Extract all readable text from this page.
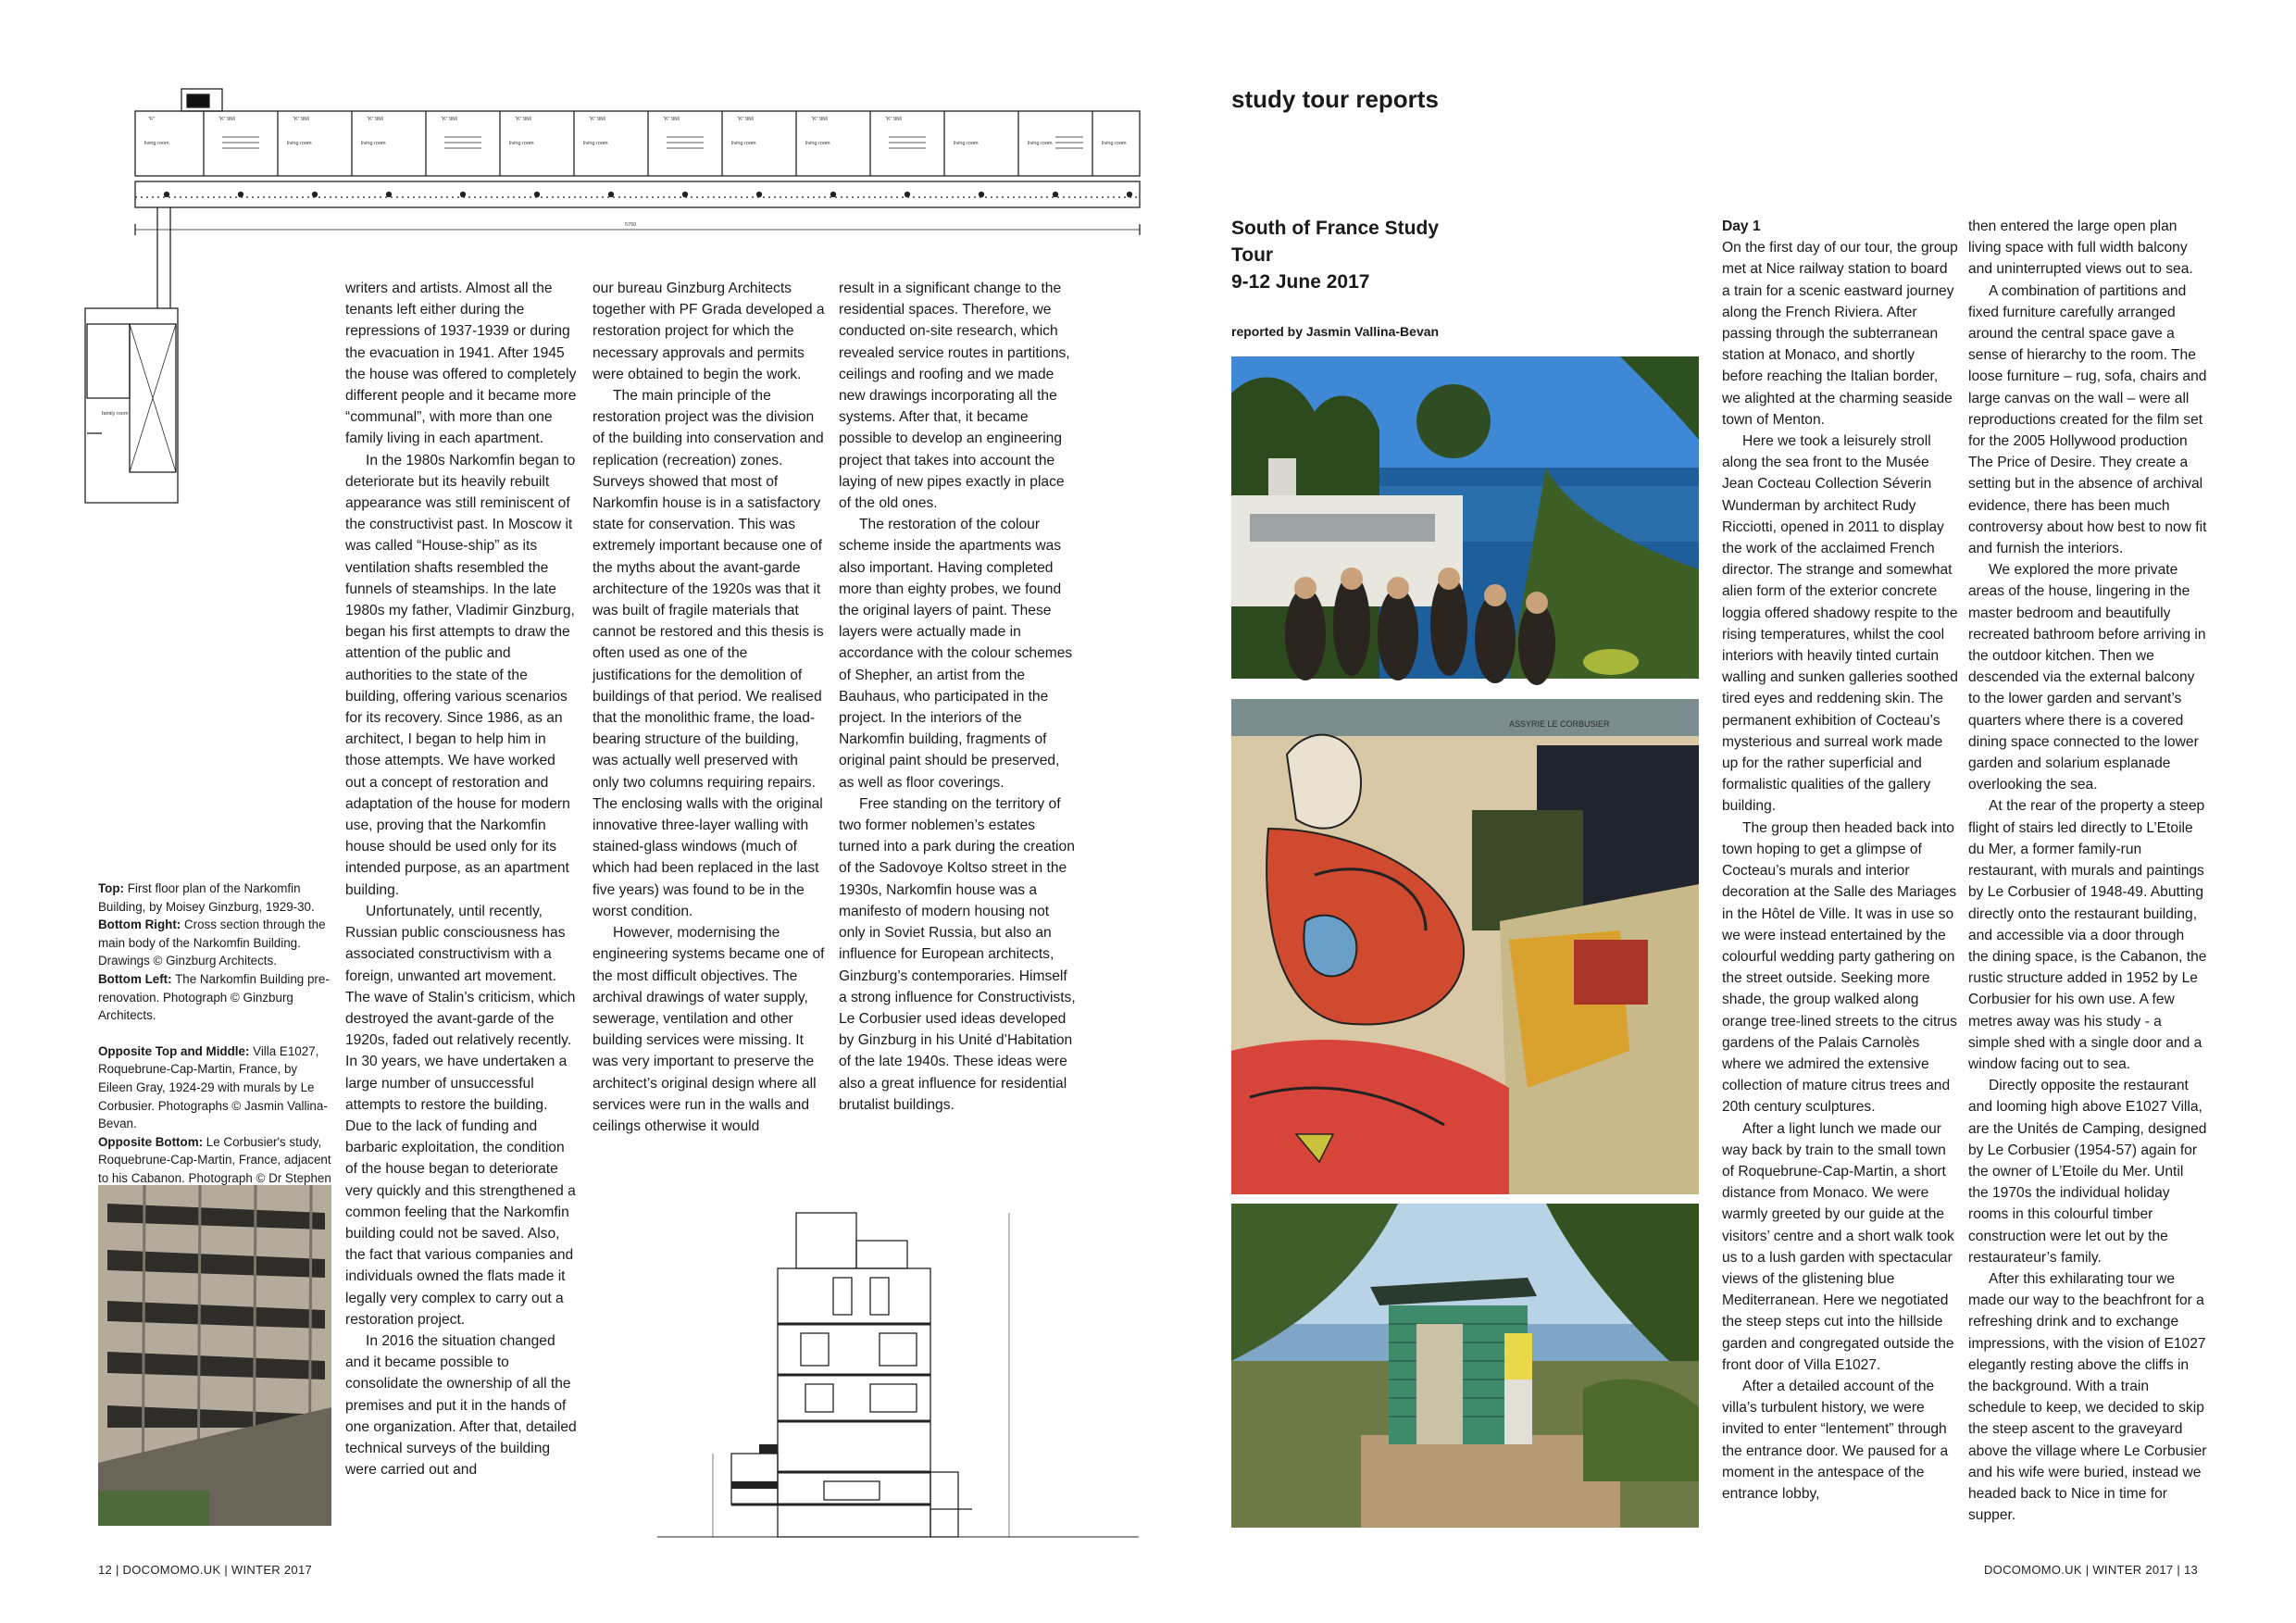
"F"	"K" 966	"K" 966	"K" 966	"K" 966	"K" 966	"K" 966	"K" 966	"K" 966	"K" 966	"K" 966
living room	living room	living room	living room	living room	living room	living room	living room	living room	living room
family room
5760

Top: First floor plan of the Narkomfin Building, by Moisey Ginzburg, 1929-30.
Bottom Right: Cross section through the main body of the Narkomfin Building. Drawings © Ginzburg Architects.
Bottom Left: The Narkomfin Building pre-renovation. Photograph © Ginzburg Architects.

Opposite Top and Middle: Villa E1027, Roquebrune-Cap-Martin, France, by Eileen Gray, 1924-29 with murals by Le Corbusier. Photographs © Jasmin Vallina-Bevan.
Opposite Bottom: Le Corbusier's study, Roquebrune-Cap-Martin, France, adjacent to his Cabanon. Photograph © Dr Stephen

writers and artists. Almost all the tenants left either during the repressions of 1937-1939 or during the evacuation in 1941. After 1945 the house was offered to completely different people and it became more “communal”, with more than one family living in each apartment.

In the 1980s Narkomfin began to deteriorate but its heavily rebuilt appearance was still reminiscent of the constructivist past. In Moscow it was called “House-ship” as its ventilation shafts resembled the funnels of steamships. In the late 1980s my father, Vladimir Ginzburg, began his first attempts to draw the attention of the public and authorities to the state of the building, offering various scenarios for its recovery. Since 1986, as an architect, I began to help him in those attempts. We have worked out a concept of restoration and adaptation of the house for modern use, proving that the Narkomfin house should be used only for its intended purpose, as an apartment building.

Unfortunately, until recently, Russian public consciousness has associated constructivism with a foreign, unwanted art movement. The wave of Stalin’s criticism, which destroyed the avant-garde of the 1920s, faded out relatively recently. In 30 years, we have undertaken a large number of unsuccessful attempts to restore the building. Due to the lack of funding and barbaric exploitation, the condition of the house began to deteriorate very quickly and this strengthened a common feeling that the Narkomfin building could not be saved. Also, the fact that various companies and individuals owned the flats made it legally very complex to carry out a restoration project.

In 2016 the situation changed and it became possible to consolidate the ownership of all the premises and put it in the hands of one organization. After that, detailed technical surveys of the building were carried out and

our bureau Ginzburg Architects together with PF Grada developed a restoration project for which the necessary approvals and permits were obtained to begin the work.

The main principle of the restoration project was the division of the building into conservation and replication (recreation) zones. Surveys showed that most of Narkomfin house is in a satisfactory state for conservation. This was extremely important because one of the myths about the avant-garde architecture of the 1920s was that it was built of fragile materials that cannot be restored and this thesis is often used as one of the justifications for the demolition of buildings of that period. We realised that the monolithic frame, the load-bearing structure of the building, was actually well preserved with only two columns requiring repairs. The enclosing walls with the original innovative three-layer walling with stained-glass windows (much of which had been replaced in the last five years) was found to be in the worst condition.

However, modernising the engineering systems became one of the most difficult objectives. The archival drawings of water supply, sewerage, ventilation and other building services were missing. It was very important to preserve the architect’s original design where all services were run in the walls and ceilings otherwise it would

result in a significant change to the residential spaces. Therefore, we conducted on-site research, which revealed service routes in partitions, ceilings and roofing and we made new drawings incorporating all the systems. After that, it became possible to develop an engineering project that takes into account the laying of new pipes exactly in place of the old ones.

The restoration of the colour scheme inside the apartments was also important. Having completed more than eighty probes, we found the original layers of paint. These layers were actually made in accordance with the colour schemes of Shepher, an artist from the Bauhaus, who participated in the project. In the interiors of the Narkomfin building, fragments of original paint should be preserved, as well as floor coverings.

Free standing on the territory of two former noblemen’s estates turned into a park during the creation of the Sadovoye Koltso street in the 1930s, Narkomfin house was a manifesto of modern housing not only in Soviet Russia, but also an influence for European architects, Ginzburg’s contemporaries. Himself a strong influence for Constructivists, Le Corbusier used ideas developed by Ginzburg in his Unité d’Habitation of the late 1940s. These ideas were also a great influence for residential brutalist buildings.

12 | DOCOMOMO.UK | WINTER 2017
study tour reports
South of France Study
Tour
9-12 June 2017
reported by Jasmin Vallina-Bevan
ASSYRIE LE CORBUSIER
Day 1

On the first day of our tour, the group met at Nice railway station to board a train for a scenic eastward journey along the French Riviera. After passing through the subterranean station at Monaco, and shortly before reaching the Italian border, we alighted at the charming seaside town of Menton.

Here we took a leisurely stroll along the sea front to the Musée Jean Cocteau Collection Séverin Wunderman by architect Rudy Ricciotti, opened in 2011 to display the work of the acclaimed French director. The strange and somewhat alien form of the exterior concrete loggia offered shadowy respite to the rising temperatures, whilst the cool interiors with heavily tinted curtain walling and sunken galleries soothed tired eyes and reddening skin. The permanent exhibition of Cocteau’s mysterious and surreal work made up for the rather superficial and formalistic qualities of the gallery building.

The group then headed back into town hoping to get a glimpse of Cocteau’s murals and interior decoration at the Salle des Mariages in the Hôtel de Ville. It was in use so we were instead entertained by the colourful wedding party gathering on the street outside. Seeking more shade, the group walked along orange tree-lined streets to the citrus gardens of the Palais Carnolès where we admired the extensive collection of mature citrus trees and 20th century sculptures.

After a light lunch we made our way back by train to the small town of Roquebrune-Cap-Martin, a short distance from Monaco. We were warmly greeted by our guide at the visitors’ centre and a short walk took us to a lush garden with spectacular views of the glistening blue Mediterranean. Here we negotiated the steep steps cut into the hillside garden and congregated outside the front door of Villa E1027.

After a detailed account of the villa’s turbulent history, we were invited to enter “lentement” through the entrance door. We paused for a moment in the antespace of the entrance lobby,

then entered the large open plan living space with full width balcony and uninterrupted views out to sea.

A combination of partitions and fixed furniture carefully arranged around the central space gave a sense of hierarchy to the room. The loose furniture – rug, sofa, chairs and large canvas on the wall – were all reproductions created for the film set for the 2005 Hollywood production The Price of Desire. They create a setting but in the absence of archival evidence, there has been much controversy about how best to now fit and furnish the interiors.

We explored the more private areas of the house, lingering in the master bedroom and beautifully recreated bathroom before arriving in the outdoor kitchen. Then we descended via the external balcony to the lower garden and servant’s quarters where there is a covered dining space connected to the lower garden and solarium esplanade overlooking the sea.

At the rear of the property a steep flight of stairs led directly to L’Etoile du Mer, a former family-run restaurant, with murals and paintings by Le Corbusier of 1948-49. Abutting directly onto the restaurant building, and accessible via a door through the dining space, is the Cabanon, the rustic structure added in 1952 by Le Corbusier for his own use. A few metres away was his study - a simple shed with a single door and a window facing out to sea.

Directly opposite the restaurant and looming high above E1027 Villa, are the Unités de Camping, designed by Le Corbusier (1954-57) again for the owner of L’Etoile du Mer. Until the 1970s the individual holiday rooms in this colourful timber construction were let out by the restaurateur’s family.

After this exhilarating tour we made our way to the beachfront for a refreshing drink and to exchange impressions, with the vision of E1027 elegantly resting above the cliffs in the background. With a train schedule to keep, we decided to skip the steep ascent to the graveyard above the village where Le Corbusier and his wife were buried, instead we headed back to Nice in time for supper.

DOCOMOMO.UK | WINTER 2017 | 13
